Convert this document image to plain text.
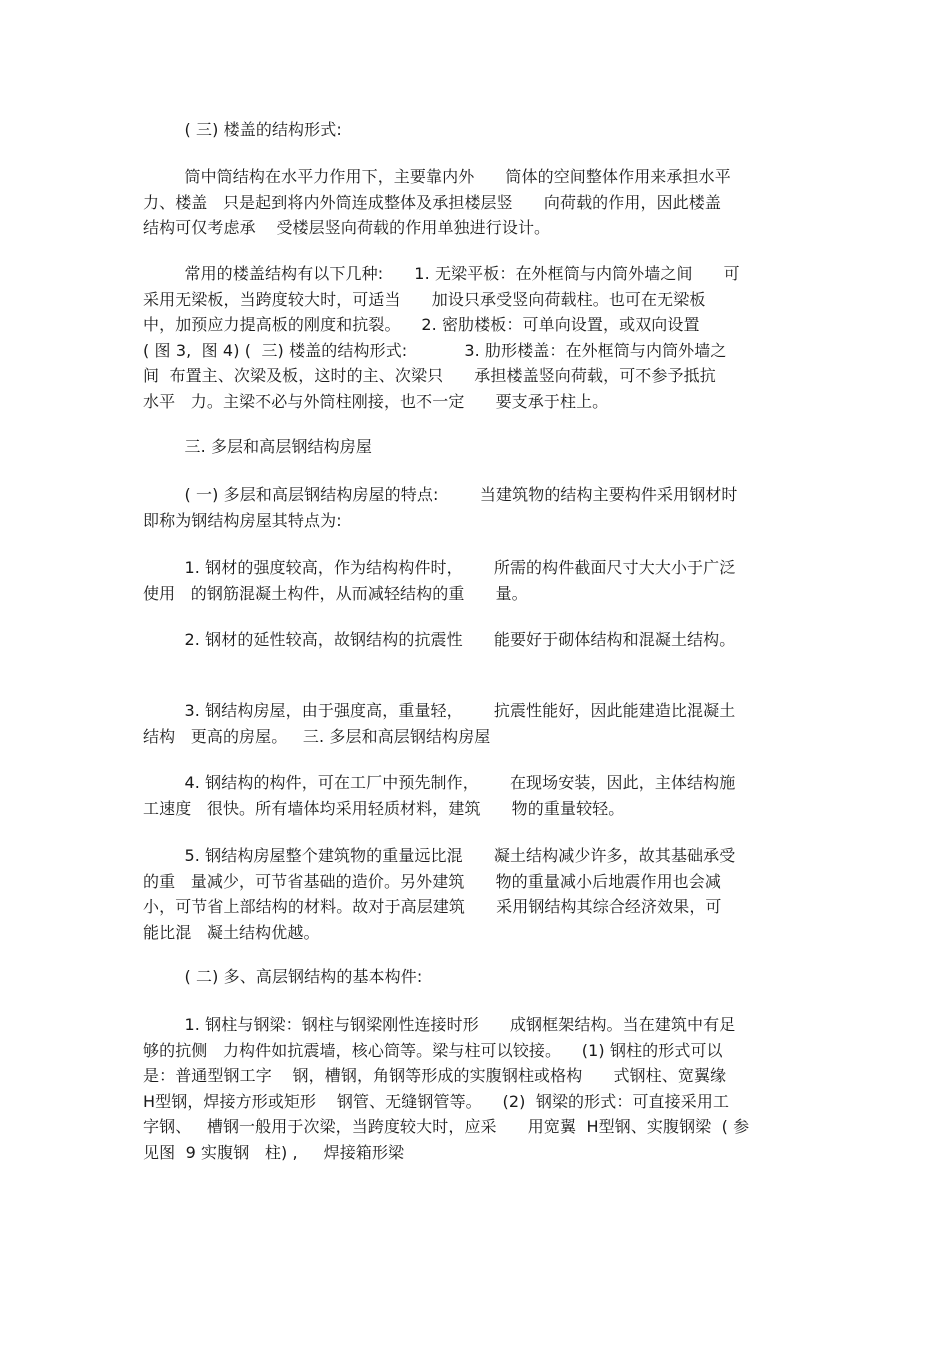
( 三) 楼盖的结构形式:
筒中筒结构在水平力作用下，主要靠内外      筒体的空间整体作用来承担水平
力、楼盖   只是起到将内外筒连成整体及承担楼层竖      向荷载的作用，因此楼盖
结构可仅考虑承    受楼层竖向荷载的作用单独进行设计。
常用的楼盖结构有以下几种:      1. 无梁平板：在外框筒与内筒外墙之间      可
采用无梁板，当跨度较大时，可适当      加设只承受竖向荷载柱。也可在无梁板
中，加预应力提高板的刚度和抗裂。    2. 密肋楼板：可单向设置，或双向设置
( 图 3,  图 4) (  三) 楼盖的结构形式:           3. 肋形楼盖：在外框筒与内筒外墙之
间  布置主、次梁及板，这时的主、次梁只      承担楼盖竖向荷载，可不参予抵抗
水平   力。主梁不必与外筒柱刚接，也不一定      要支承于柱上。
三. 多层和高层钢结构房屋
( 一) 多层和高层钢结构房屋的特点:        当建筑物的结构主要构件采用钢材时
即称为钢结构房屋其特点为:
1. 钢材的强度较高，作为结构构件时，      所需的构件截面尺寸大大小于广泛
使用   的钢筋混凝土构件，从而减轻结构的重      量。
2. 钢材的延性较高，故钢结构的抗震性      能要好于砌体结构和混凝土结构。
3. 钢结构房屋，由于强度高，重量轻，      抗震性能好，因此能建造比混凝土
结构   更高的房屋。   三. 多层和高层钢结构房屋
4. 钢结构的构件，可在工厂中预先制作，      在现场安装，因此，主体结构施
工速度   很快。所有墙体均采用轻质材料，建筑      物的重量较轻。
5. 钢结构房屋整个建筑物的重量远比混      凝土结构减少许多，故其基础承受
的重   量减少，可节省基础的造价。另外建筑      物的重量减小后地震作用也会减
小，可节省上部结构的材料。故对于高层建筑      采用钢结构其综合经济效果，可
能比混   凝土结构优越。
( 二) 多、高层钢结构的基本构件:
1. 钢柱与钢梁：钢柱与钢梁刚性连接时形      成钢框架结构。当在建筑中有足
够的抗侧   力构件如抗震墙，核心筒等。梁与柱可以铰接。    (1) 钢柱的形式可以
是：普通型钢工字    钢，槽钢，角钢等形成的实腹钢柱或格构      式钢柱、宽翼缘
H型钢，焊接方形或矩形    钢管、无缝钢管等。    (2)  钢梁的形式：可直接采用工
字钢、   槽钢一般用于次梁，当跨度较大时，应采      用宽翼  H型钢、实腹钢梁  ( 参
见图  9 实腹钢   柱) ,     焊接箱形梁
